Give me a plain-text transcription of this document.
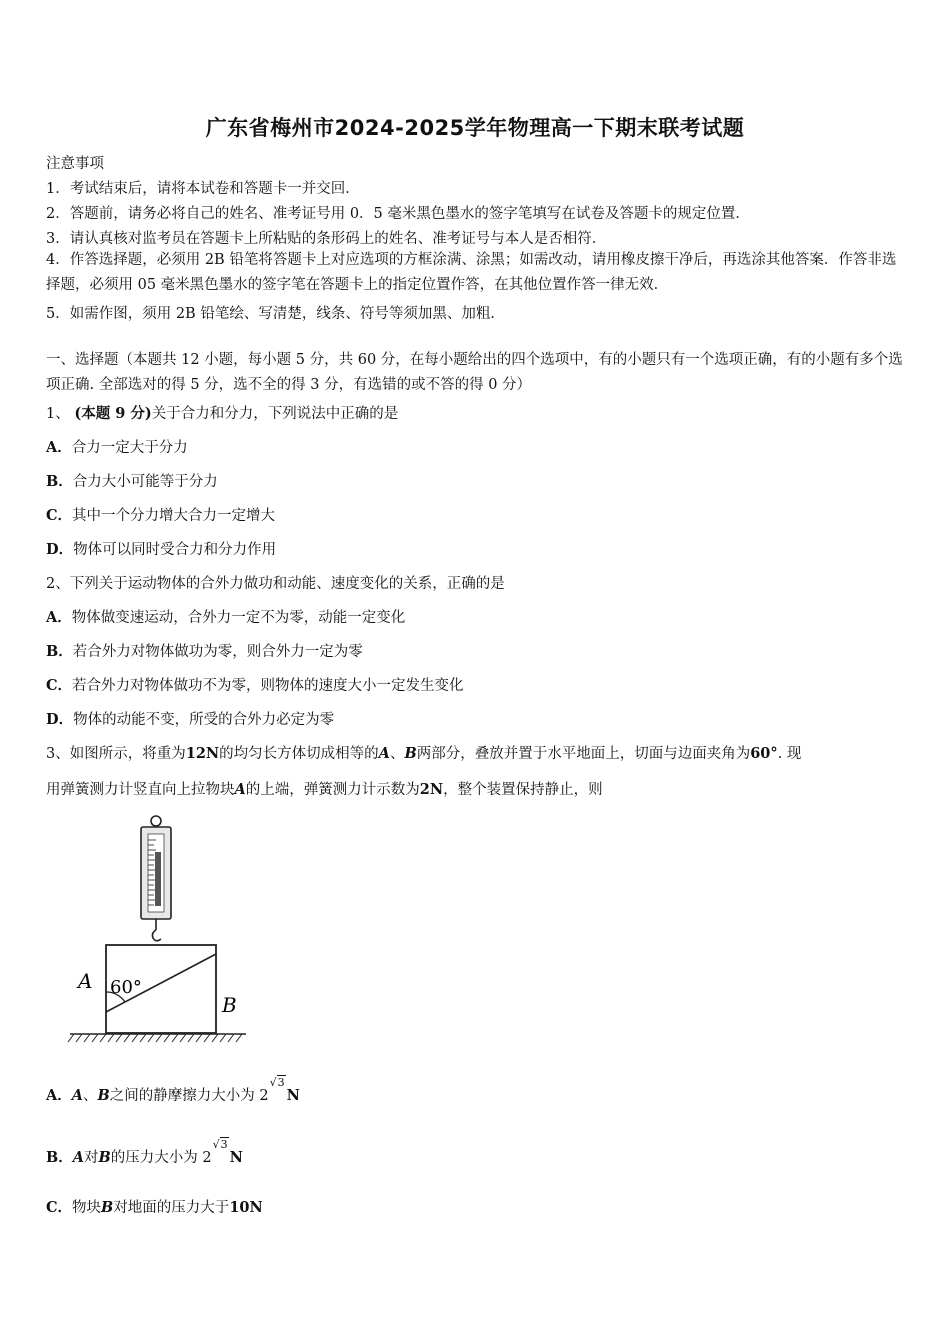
广东省梅州市2024-2025学年物理高一下期末联考试题
注意事项
1．考试结束后，请将本试卷和答题卡一并交回．
2．答题前，请务必将自己的姓名、准考证号用 0．5 毫米黑色墨水的签字笔填写在试卷及答题卡的规定位置．
3．请认真核对监考员在答题卡上所粘贴的条形码上的姓名、准考证号与本人是否相符．
4．作答选择题，必须用 2B 铅笔将答题卡上对应选项的方框涂满、涂黑；如需改动，请用橡皮擦干净后，再选涂其他答案．作答非选择题，必须用 05 毫米黑色墨水的签字笔在答题卡上的指定位置作答，在其他位置作答一律无效．
5．如需作图，须用 2B 铅笔绘、写清楚，线条、符号等须加黑、加粗．
一、选择题（本题共 12 小题，每小题 5 分，共 60 分，在每小题给出的四个选项中，有的小题只有一个选项正确，有的小题有多个选项正确. 全部选对的得 5 分，选不全的得 3 分，有选错的或不答的得 0 分）
1、 (本题 9 分)关于合力和分力，下列说法中正确的是
A．合力一定大于分力
B．合力大小可能等于分力
C．其中一个分力增大合力一定增大
D．物体可以同时受合力和分力作用
2、下列关于运动物体的合外力做功和动能、速度变化的关系，正确的是
A．物体做变速运动，合外力一定不为零，动能一定变化
B．若合外力对物体做功为零，则合外力一定为零
C．若合外力对物体做功不为零，则物体的速度大小一定发生变化
D．物体的动能不变，所受的合外力必定为零
3、如图所示，将重为12N的均匀长方体切成相等的A、B两部分，叠放并置于水平地面上，切面与边面夹角为60°. 现
用弹簧测力计竖直向上拉物块A的上端，弹簧测力计示数为2N，整个装置保持静止，则
A 60°
B
A．A、B之间的静摩擦力大小为 2√3N
B．A对B的压力大小为 2√3N
C．物块B对地面的压力大于10N
